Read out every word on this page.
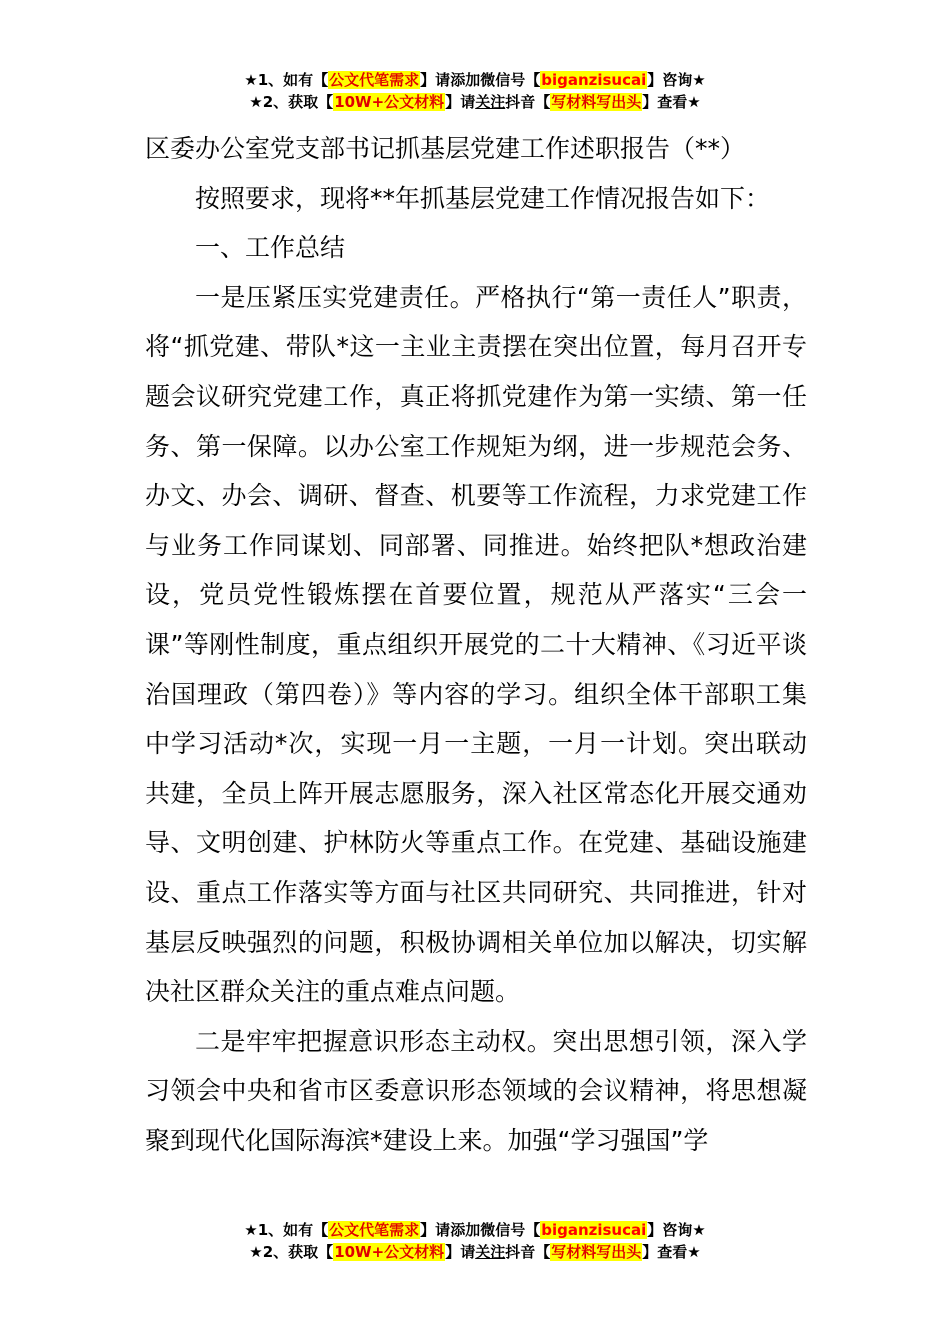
★1、如有【公文代笔需求】请添加微信号【biganzisucai】咨询★
★2、获取【10W+公文材料】请关注抖音【写材料写出头】查看★

区委办公室党支部书记抓基层党建工作述职报告（**）

按照要求，现将**年抓基层党建工作情况报告如下：

一、工作总结

一是压紧压实党建责任。严格执行“第一责任人”职责，将“抓党建、带队*这一主业主责摆在突出位置，每月召开专题会议研究党建工作，真正将抓党建作为第一实绩、第一任务、第一保障。以办公室工作规矩为纲，进一步规范会务、办文、办会、调研、督查、机要等工作流程，力求党建工作与业务工作同谋划、同部署、同推进。始终把队*想政治建设，党员党性锻炼摆在首要位置，规范从严落实“三会一课”等刚性制度，重点组织开展党的二十大精神、《习近平谈治国理政（第四卷）》等内容的学习。组织全体干部职工集中学习活动*次，实现一月一主题，一月一计划。突出联动共建，全员上阵开展志愿服务，深入社区常态化开展交通劝导、文明创建、护林防火等重点工作。在党建、基础设施建设、重点工作落实等方面与社区共同研究、共同推进，针对基层反映强烈的问题，积极协调相关单位加以解决，切实解决社区群众关注的重点难点问题。

二是牢牢把握意识形态主动权。突出思想引领，深入学习领会中央和省市区委意识形态领域的会议精神，将思想凝聚到现代化国际海滨*建设上来。加强“学习强国”学

★1、如有【公文代笔需求】请添加微信号【biganzisucai】咨询★
★2、获取【10W+公文材料】请关注抖音【写材料写出头】查看★
